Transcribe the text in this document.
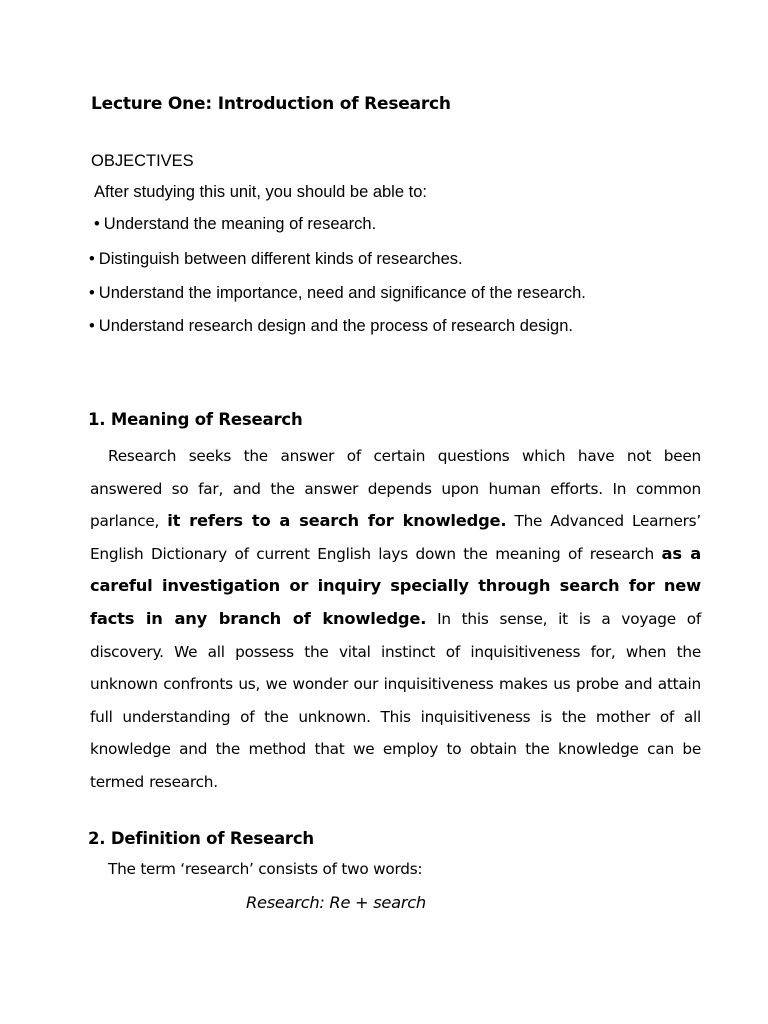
Lecture One: Introduction of Research
OBJECTIVES
After studying this unit, you should be able to:
• Understand the meaning of research.
• Distinguish between different kinds of researches.
• Understand the importance, need and significance of the research.
• Understand research design and the process of research design.
1. Meaning of Research

Research seeks the answer of certain questions which have not been answered so far, and the answer depends upon human efforts. In common parlance, it refers to a search for knowledge. The Advanced Learners’ English Dictionary of current English lays down the meaning of research as a careful investigation or inquiry specially through search for new facts in any branch of knowledge. In this sense, it is a voyage of discovery. We all possess the vital instinct of inquisitiveness for, when the unknown confronts us, we wonder our inquisitiveness makes us probe and attain full understanding of the unknown. This inquisitiveness is the mother of all knowledge and the method that we employ to obtain the knowledge can be termed research.

2. Definition of Research
The term ‘research’ consists of two words:
Research: Re + search
